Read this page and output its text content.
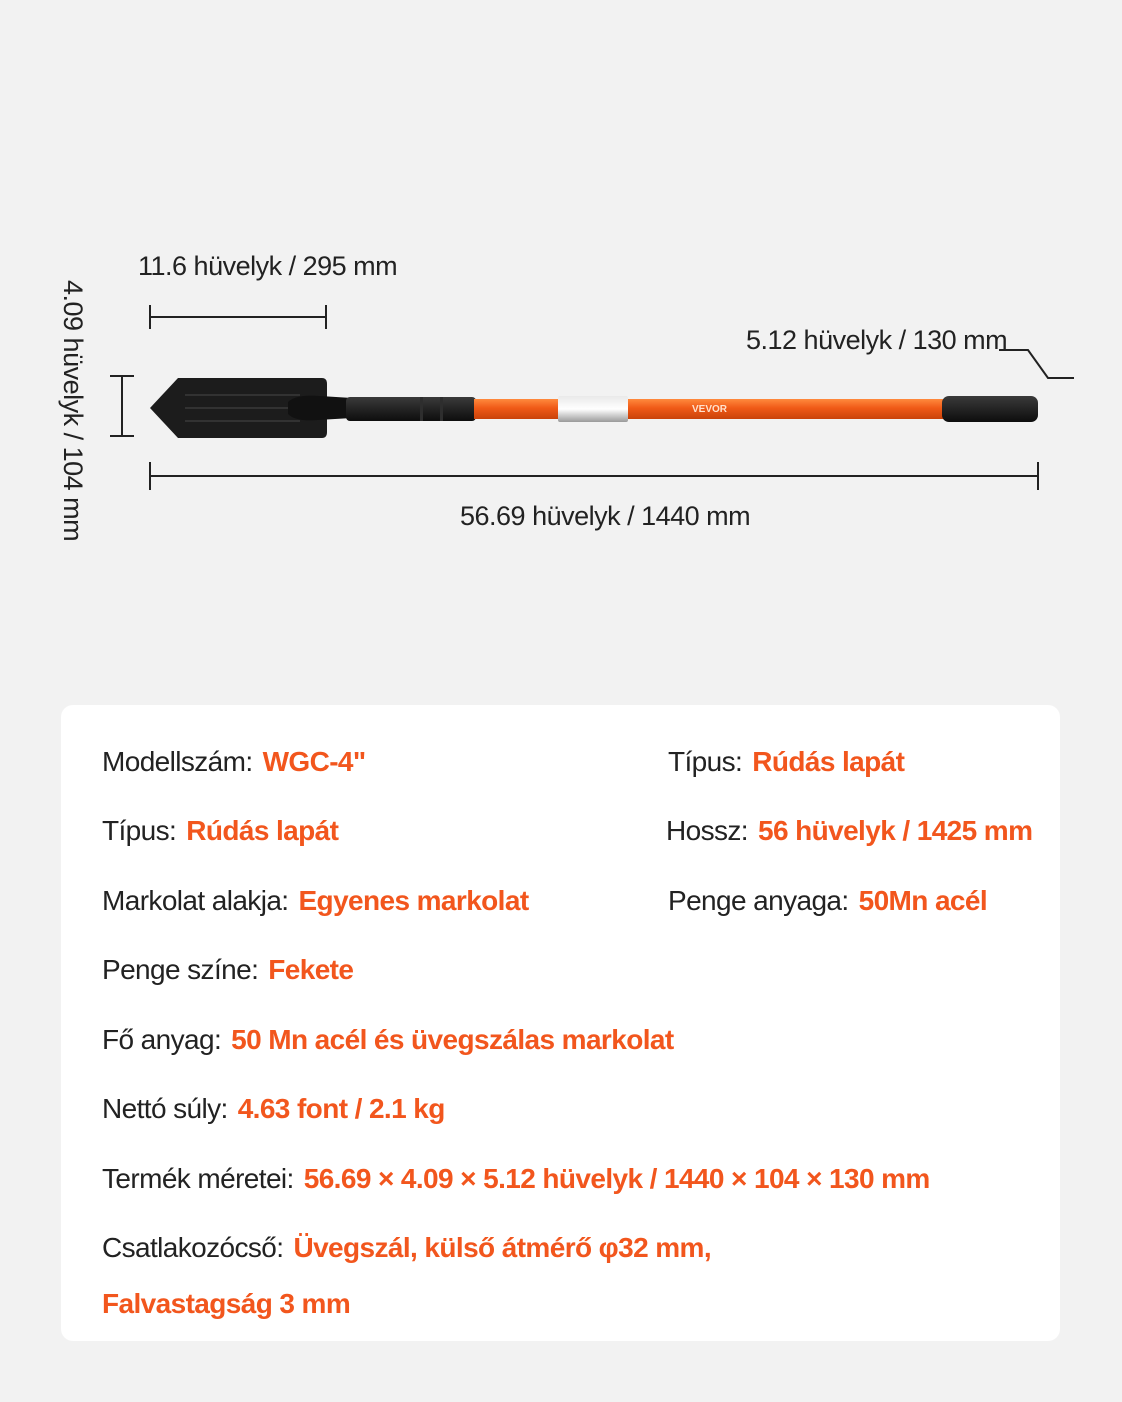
11.6 hüvelyk / 295 mm
5.12 hüvelyk / 130 mm
56.69 hüvelyk / 1440 mm
4.09 hüvelyk / 104 mm	VEVOR
Modellszám: WGC-4"	Típus: Rúdás lapát
Típus: Rúdás lapát	Hossz: 56 hüvelyk / 1425 mm
Markolat alakja: Egyenes markolat	Penge anyaga: 50Mn acél
Penge színe: Fekete
Fő anyag: 50 Mn acél és üvegszálas markolat
Nettó súly: 4.63 font / 2.1 kg
Termék méretei: 56.69 × 4.09 × 5.12 hüvelyk / 1440 × 104 × 130 mm
Csatlakozócső: Üvegszál, külső átmérő φ32 mm,
Falvastagság 3 mm
